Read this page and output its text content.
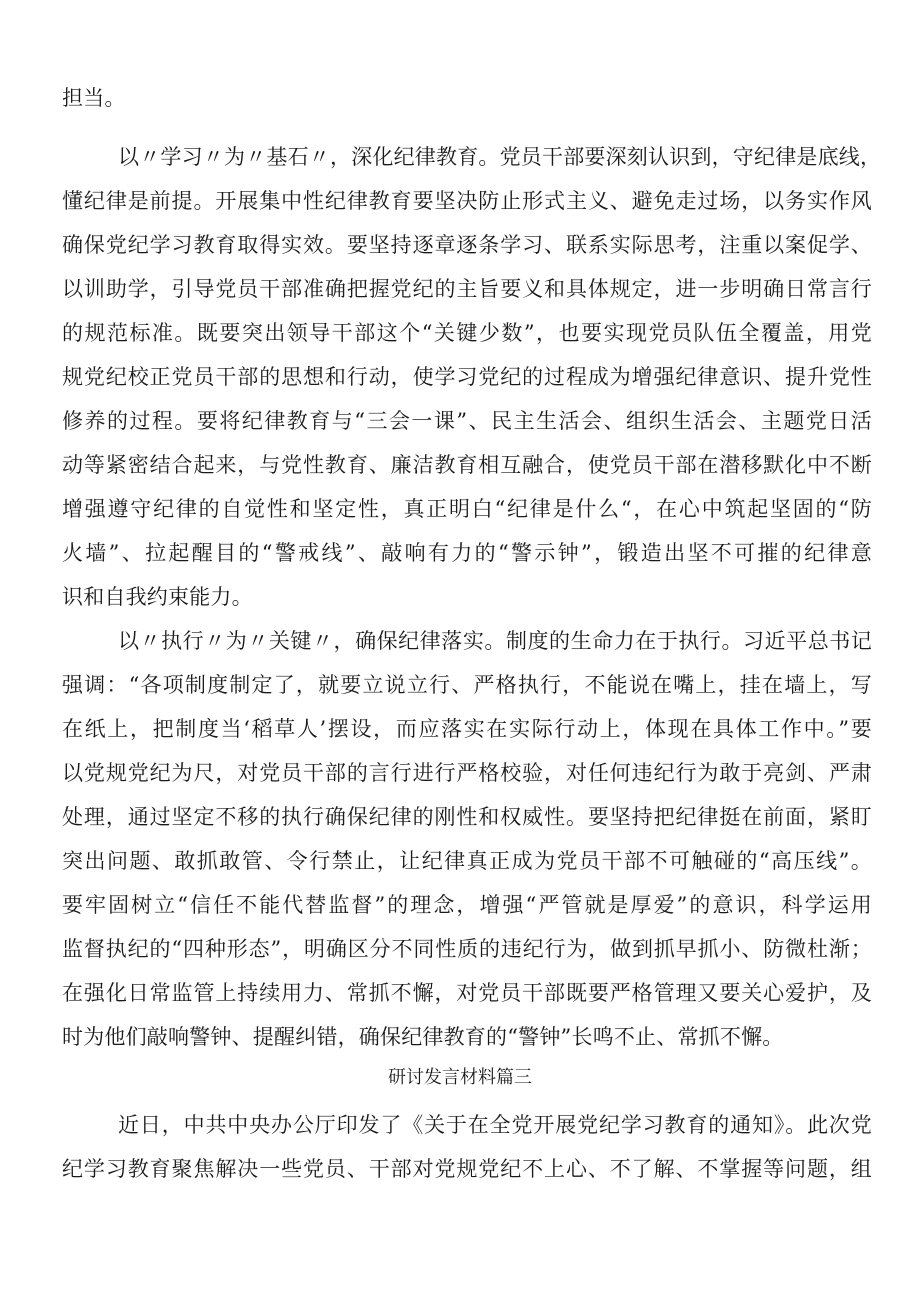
担当。
以〃学习〃为〃基石〃，深化纪律教育。党员干部要深刻认识到，守纪律是底线，
懂纪律是前提。开展集中性纪律教育要坚决防止形式主义、避免走过场，以务实作风
确保党纪学习教育取得实效。要坚持逐章逐条学习、联系实际思考，注重以案促学、
以训助学，引导党员干部准确把握党纪的主旨要义和具体规定，进一步明确日常言行
的规范标准。既要突出领导干部这个“关键少数”，也要实现党员队伍全覆盖，用党
规党纪校正党员干部的思想和行动，使学习党纪的过程成为增强纪律意识、提升党性
修养的过程。要将纪律教育与“三会一课”、民主生活会、组织生活会、主题党日活
动等紧密结合起来，与党性教育、廉洁教育相互融合，使党员干部在潜移默化中不断
增强遵守纪律的自觉性和坚定性，真正明白“纪律是什么“，在心中筑起坚固的“防
火墙”、拉起醒目的“警戒线”、敲响有力的“警示钟”，锻造出坚不可摧的纪律意
识和自我约束能力。
以〃执行〃为〃关键〃，确保纪律落实。制度的生命力在于执行。习近平总书记
强调：“各项制度制定了，就要立说立行、严格执行，不能说在嘴上，挂在墙上，写
在纸上，把制度当‘稻草人’摆设，而应落实在实际行动上，体现在具体工作中。”要
以党规党纪为尺，对党员干部的言行进行严格校验，对任何违纪行为敢于亮剑、严肃
处理，通过坚定不移的执行确保纪律的刚性和权威性。要坚持把纪律挺在前面，紧盯
突出问题、敢抓敢管、令行禁止，让纪律真正成为党员干部不可触碰的“高压线”。
要牢固树立“信任不能代替监督”的理念，增强“严管就是厚爱”的意识，科学运用
监督执纪的“四种形态”，明确区分不同性质的违纪行为，做到抓早抓小、防微杜渐；
在强化日常监管上持续用力、常抓不懈，对党员干部既要严格管理又要关心爱护，及
时为他们敲响警钟、提醒纠错，确保纪律教育的“警钟”长鸣不止、常抓不懈。
研讨发言材料篇三
近日，中共中央办公厅印发了《关于在全党开展党纪学习教育的通知》。此次党
纪学习教育聚焦解决一些党员、干部对党规党纪不上心、不了解、不掌握等问题，组
